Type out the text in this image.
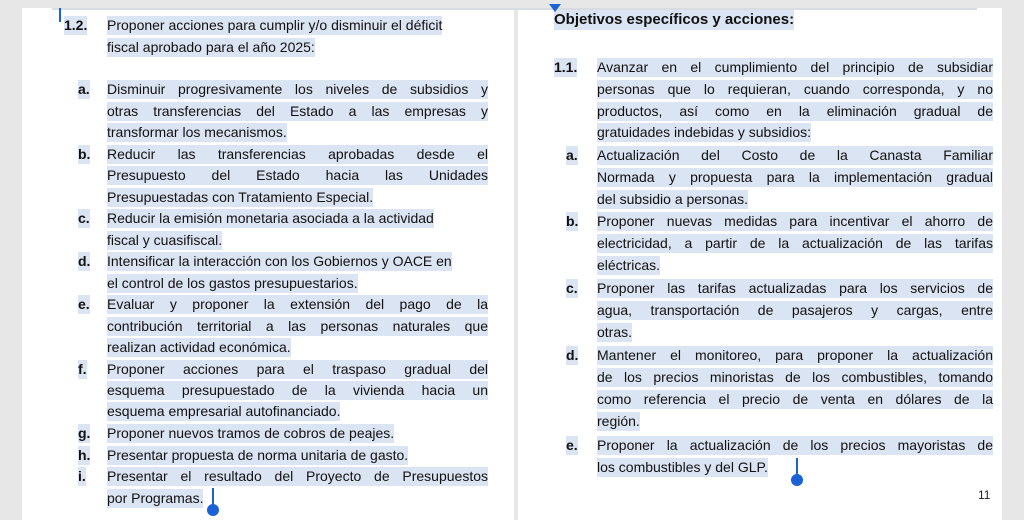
1.2. Proponer acciones para cumplir y/o disminuir el déficit
fiscal aprobado para el año 2025:
a. Disminuir progresivamente los niveles de subsidios y
otras transferencias del Estado a las empresas y
transformar los mecanismos.
b. Reducir las transferencias aprobadas desde el
Presupuesto del Estado hacia las Unidades
Presupuestadas con Tratamiento Especial.
c. Reducir la emisión monetaria asociada a la actividad
fiscal y cuasifiscal.
d. Intensificar la interacción con los Gobiernos y OACE en
el control de los gastos presupuestarios.
e. Evaluar y proponer la extensión del pago de la
contribución territorial a las personas naturales que
realizan actividad económica.
f. Proponer acciones para el traspaso gradual del
esquema presupuestado de la vivienda hacia un
esquema empresarial autofinanciado.
g. Proponer nuevos tramos de cobros de peajes.
h. Presentar propuesta de norma unitaria de gasto.
i. Presentar el resultado del Proyecto de Presupuestos
por Programas.
1.1. Avanzar en el cumplimiento del principio de subsidiar
personas que lo requieran, cuando corresponda, y no
productos, así como en la eliminación gradual de
gratuidades indebidas y subsidios:
a. Actualización del Costo de la Canasta Familiar
Normada y propuesta para la implementación gradual
del subsidio a personas.
b. Proponer nuevas medidas para incentivar el ahorro de
electricidad, a partir de la actualización de las tarifas
eléctricas.
c. Proponer las tarifas actualizadas para los servicios de
agua, transportación de pasajeros y cargas, entre
otras.
d. Mantener el monitoreo, para proponer la actualización
de los precios minoristas de los combustibles, tomando
como referencia el precio de venta en dólares de la
región.
e. Proponer la actualización de los precios mayoristas de
los combustibles y del GLP.
Objetivos específicos y acciones:
11
